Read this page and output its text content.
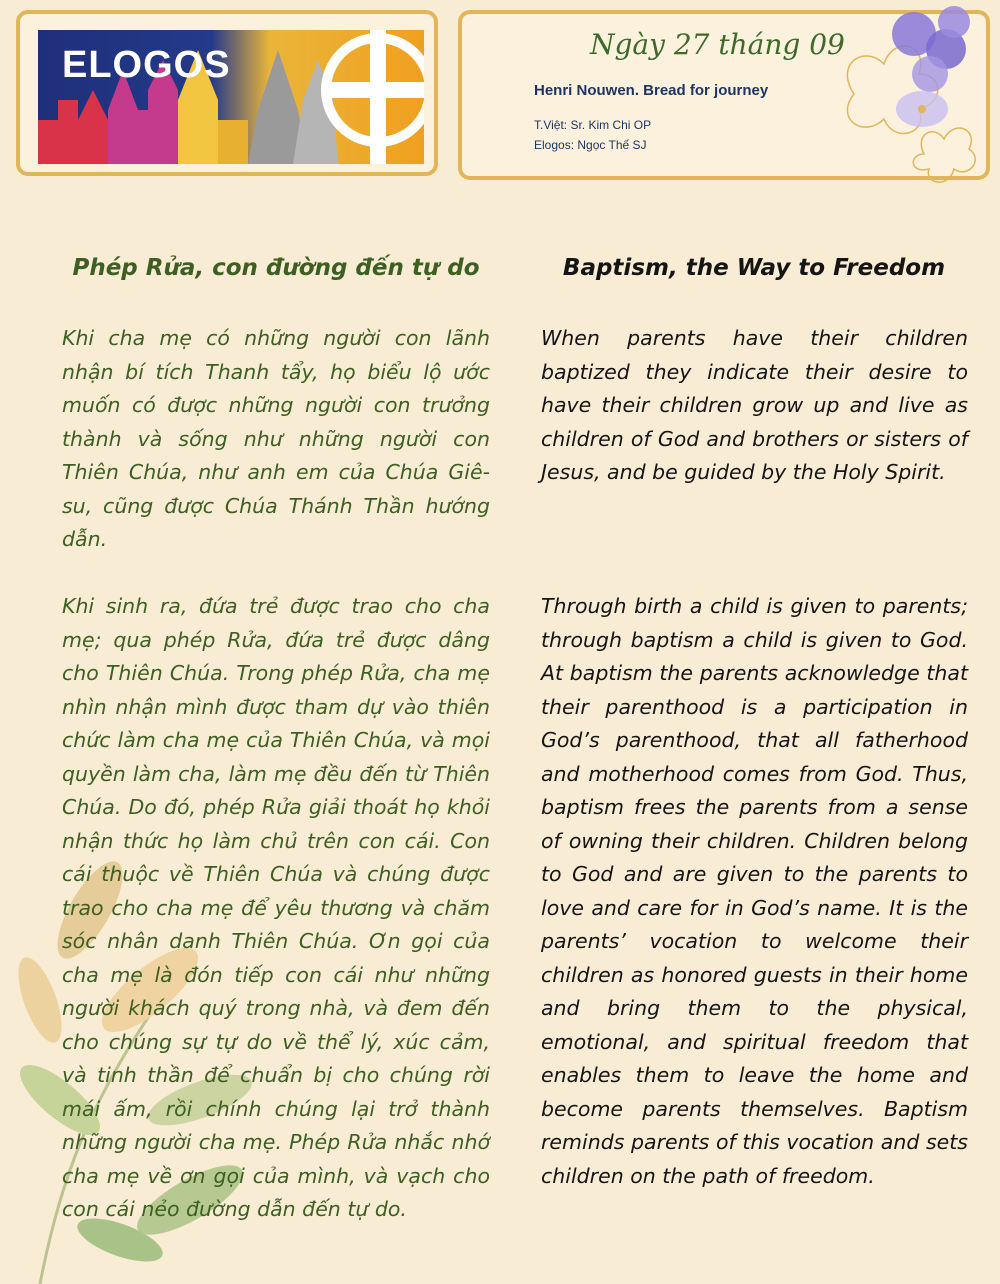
ELOGOS	Ngày 27 tháng 09
Henri Nouwen. Bread for journey
T.Việt: Sr. Kim Chi OP
Elogos: Ngọc Thế SJ
Phép Rửa, con đường đến tự do	Baptism, the Way to Freedom

Khi cha mẹ có những người con lãnh nhận bí tích Thanh tẩy, họ biểu lộ ước muốn có được những người con trưởng thành và sống như những người con Thiên Chúa, như anh em của Chúa Giê-su, cũng được Chúa Thánh Thần hướng dẫn.

Khi sinh ra, đứa trẻ được trao cho cha mẹ; qua phép Rửa, đứa trẻ được dâng cho Thiên Chúa. Trong phép Rửa, cha mẹ nhìn nhận mình được tham dự vào thiên chức làm cha mẹ của Thiên Chúa, và mọi quyền làm cha, làm mẹ đều đến từ Thiên Chúa. Do đó, phép Rửa giải thoát họ khỏi nhận thức họ làm chủ trên con cái. Con cái thuộc về Thiên Chúa và chúng được trao cho cha mẹ để yêu thương và chăm sóc nhân danh Thiên Chúa. Ơn gọi của cha mẹ là đón tiếp con cái như những người khách quý trong nhà, và đem đến cho chúng sự tự do về thể lý, xúc cảm, và tinh thần để chuẩn bị cho chúng rời mái ấm, rồi chính chúng lại trở thành những người cha mẹ. Phép Rửa nhắc nhớ cha mẹ về ơn gọi của mình, và vạch cho con cái nẻo đường dẫn đến tự do.

When parents have their children baptized they indicate their desire to have their children grow up and live as children of God and brothers or sisters of Jesus, and be guided by the Holy Spirit.

Through birth a child is given to parents; through baptism a child is given to God. At baptism the parents acknowledge that their parenthood is a participation in God’s parenthood, that all fatherhood and motherhood comes from God. Thus, baptism frees the parents from a sense of owning their children. Children belong to God and are given to the parents to love and care for in God’s name. It is the parents’ vocation to welcome their children as honored guests in their home and bring them to the physical, emotional, and spiritual freedom that enables them to leave the home and become parents themselves. Baptism reminds parents of this vocation and sets children on the path of freedom.
